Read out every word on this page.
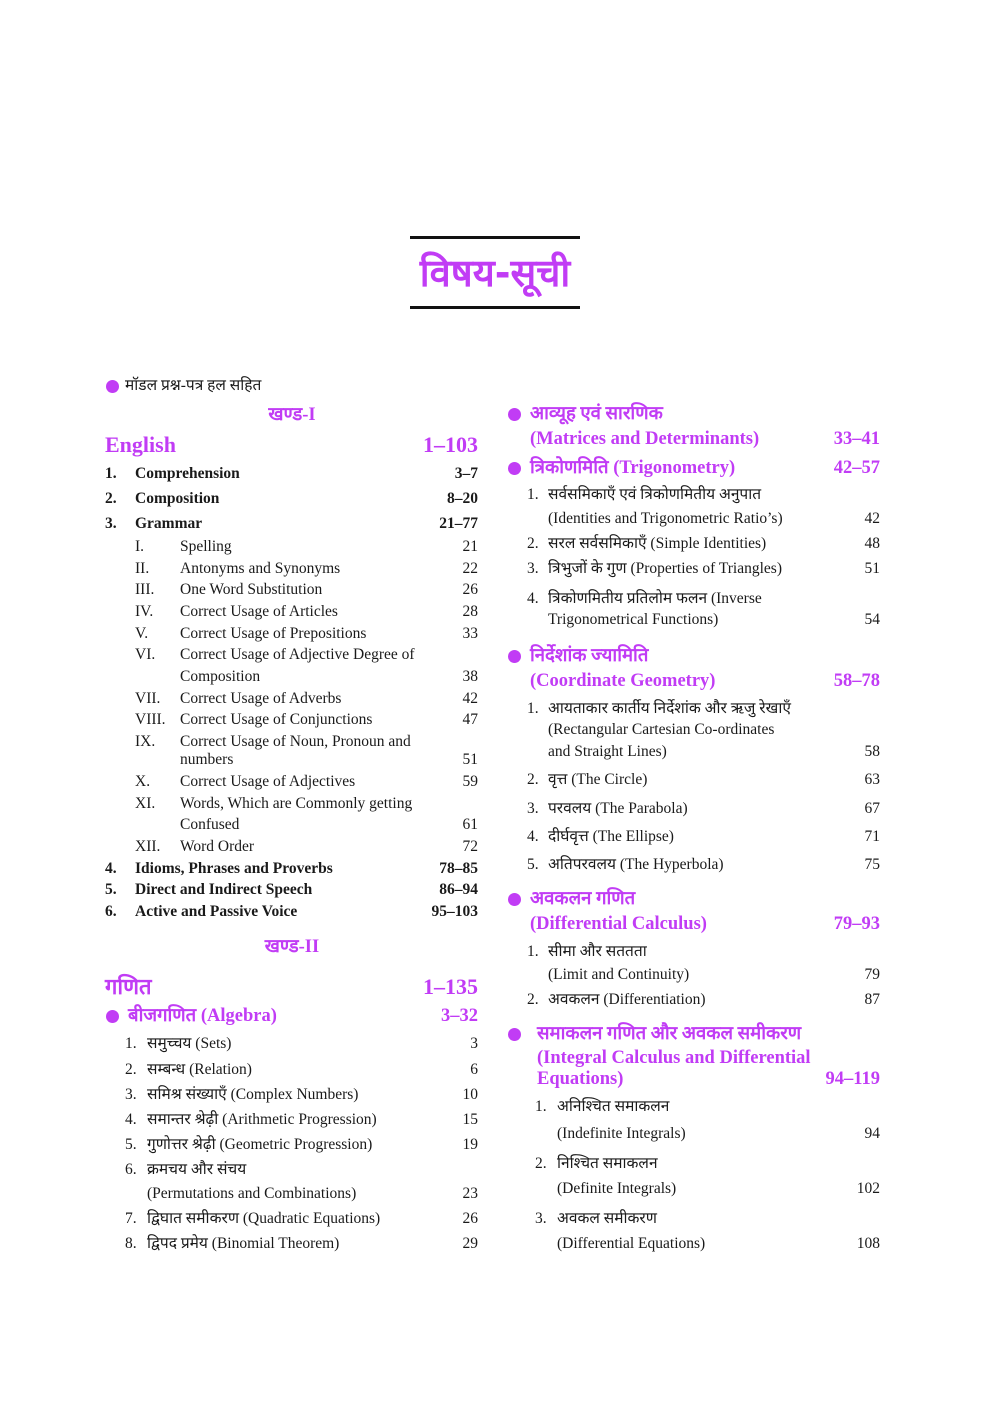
विषय-सूची
मॉडल प्रश्न-पत्र हल सहित
खण्ड-I
English	1–103
1. Comprehension	3–7
2. Composition	8–20
3. Grammar	21–77
I. Spelling	21
II. Antonyms and Synonyms	22
III. One Word Substitution	26
IV. Correct Usage of Articles	28
V. Correct Usage of Prepositions	33
VI. Correct Usage of Adjective Degree of
Composition	38
VII. Correct Usage of Adverbs	42
VIII. Correct Usage of Conjunctions	47
IX. Correct Usage of Noun, Pronoun and
numbers	51
X. Correct Usage of Adjectives	59
XI. Words, Which are Commonly getting
Confused	61
XII. Word Order	72
4. Idioms, Phrases and Proverbs	78–85
5. Direct and Indirect Speech	86–94
6. Active and Passive Voice	95–103
खण्ड-II
गणित	1–135
बीजगणित (Algebra)	3–32
1. समुच्चय (Sets)	3
2. सम्बन्ध (Relation)	6
3. समिश्र संख्याएँ (Complex Numbers)	10
4. समान्तर श्रेढ़ी (Arithmetic Progression)	15
5. गुणोत्तर श्रेढ़ी (Geometric Progression)	19
6. क्रमचय और संचय
(Permutations and Combinations)	23
7. द्विघात समीकरण (Quadratic Equations)	26
8. द्विपद प्रमेय (Binomial Theorem)	29
आव्यूह एवं सारणिक
(Matrices and Determinants)	33–41
त्रिकोणमिति (Trigonometry)	42–57
1. सर्वसमिकाएँ एवं त्रिकोणमितीय अनुपात
(Identities and Trigonometric Ratio’s)	42
2. सरल सर्वसमिकाएँ (Simple Identities)	48
3. त्रिभुजों के गुण (Properties of Triangles)	51
4. त्रिकोणमितीय प्रतिलोम फलन (Inverse
Trigonometrical Functions)	54
निर्देशांक ज्यामिति
(Coordinate Geometry)	58–78
1. आयताकार कार्तीय निर्देशांक और ऋजु रेखाएँ
(Rectangular Cartesian Co-ordinates
and Straight Lines)	58
2. वृत्त (The Circle)	63
3. परवलय (The Parabola)	67
4. दीर्घवृत्त (The Ellipse)	71
5. अतिपरवलय (The Hyperbola)	75
अवकलन गणित
(Differential Calculus)	79–93
1. सीमा और सततता
(Limit and Continuity)	79
2. अवकलन (Differentiation)	87
समाकलन गणित और अवकल समीकरण
(Integral Calculus and Differential
Equations)	94–119
1. अनिश्चित समाकलन
(Indefinite Integrals)	94
2. निश्चित समाकलन
(Definite Integrals)	102
3. अवकल समीकरण
(Differential Equations)	108
